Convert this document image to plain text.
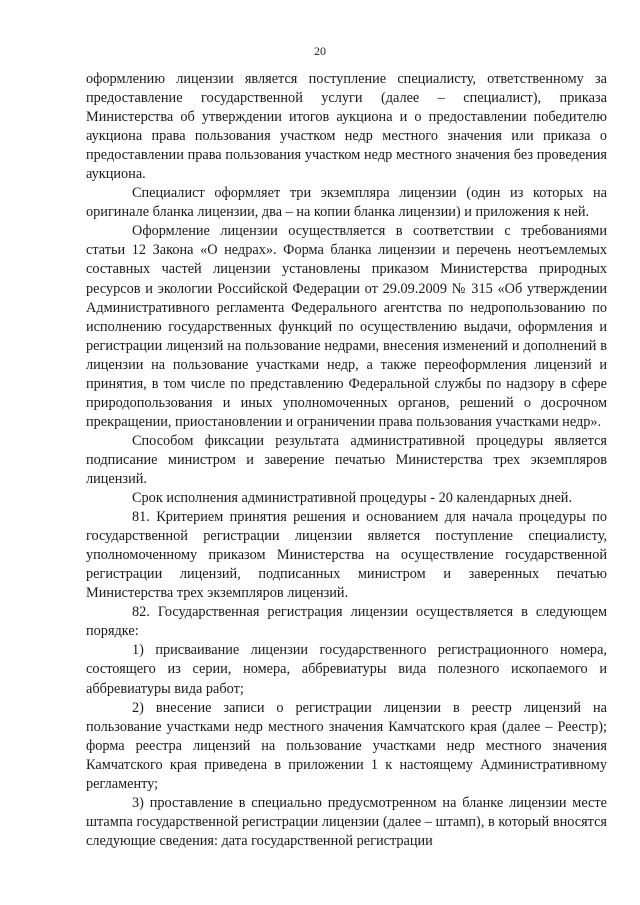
20

оформлению лицензии является поступление специалисту, ответственному за предоставление государственной услуги (далее – специалист), приказа Министерства об утверждении итогов аукциона и о предоставлении победителю аукциона права пользования участком недр местного значения или приказа о предоставлении права пользования участком недр местного значения без проведения аукциона.

Специалист оформляет три экземпляра лицензии (один из которых на оригинале бланка лицензии, два – на копии бланка лицензии) и приложения к ней.

Оформление лицензии осуществляется в соответствии с требованиями статьи 12 Закона «О недрах». Форма бланка лицензии и перечень неотъемлемых составных частей лицензии установлены приказом Министерства природных ресурсов и экологии Российской Федерации от 29.09.2009 № 315 «Об утверждении Административного регламента Федерального агентства по недропользованию по исполнению государственных функций по осуществлению выдачи, оформления и регистрации лицензий на пользование недрами, внесения изменений и дополнений в лицензии на пользование участками недр, а также переоформления лицензий и принятия, в том числе по представлению Федеральной службы по надзору в сфере природопользования и иных уполномоченных органов, решений о досрочном прекращении, приостановлении и ограничении права пользования участками недр».

Способом фиксации результата административной процедуры является подписание министром и заверение печатью Министерства трех экземпляров лицензий.

Срок исполнения административной процедуры - 20 календарных дней.

81. Критерием принятия решения и основанием для начала процедуры по государственной регистрации лицензии является поступление специалисту, уполномоченному приказом Министерства на осуществление государственной регистрации лицензий, подписанных министром и заверенных печатью Министерства трех экземпляров лицензий.

82. Государственная регистрация лицензии осуществляется в следующем порядке:

1) присваивание лицензии государственного регистрационного номера, состоящего из серии, номера, аббревиатуры вида полезного ископаемого и аббревиатуры вида работ;

2) внесение записи о регистрации лицензии в реестр лицензий на пользование участками недр местного значения Камчатского края (далее – Реестр); форма реестра лицензий на пользование участками недр местного значения Камчатского края приведена в приложении 1 к настоящему Административному регламенту;

3) проставление в специально предусмотренном на бланке лицензии месте штампа государственной регистрации лицензии (далее – штамп), в который вносятся следующие сведения: дата государственной регистрации
